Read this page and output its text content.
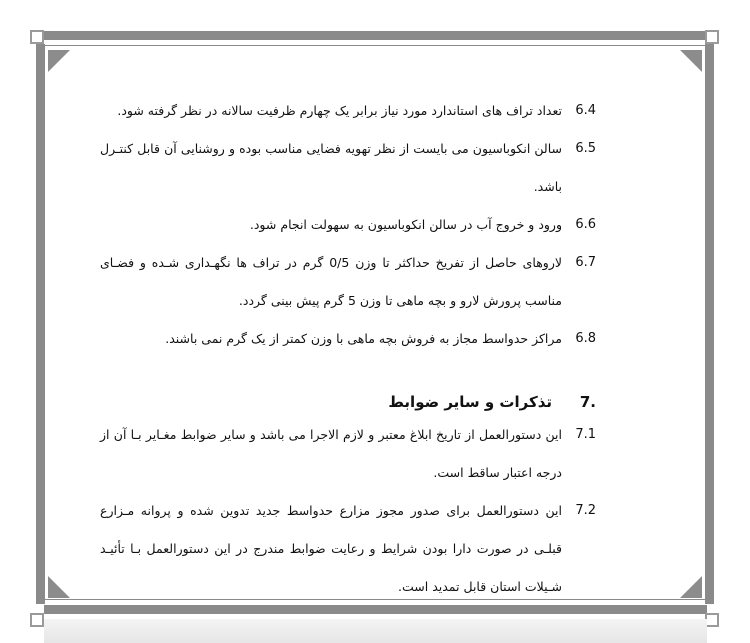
6.4
تعداد تراف های استاندارد مورد نیاز برابر یک چهارم ظرفیت سالانه در نظر گرفته شود.
6.5
سالن انکوباسیون می بایست از نظر تهویه فضایی مناسب بوده و روشنایی آن قابل کنتـرل باشد.
6.6
ورود و خروج آب در سالن انکوباسیون به سهولت انجام شود.
6.7
لاروهای حاصل از تفریخ حداکثر تا وزن 0/5 گرم در تراف ها نگهـداری شـده و فضـای مناسب پرورش لارو و بچه ماهی تا وزن 5 گرم پیش بینی گردد.
6.8
مراکز حدواسط مجاز به فروش بچه ماهی با وزن کمتر از یک گرم نمی باشند.
7.
تذکرات و سایر ضوابط
7.1
این دستورالعمل از تاریخ ابلاغ معتبر و لازم الاجرا می باشد و سایر ضوابط مغـایر بـا آن از درجه اعتبار ساقط است.
7.2
این دستورالعمل برای صدور مجوز مزارع حدواسط جدید تدوین شده و پروانه مـزارع قبلـی در صورت دارا بودن شرایط و رعایت ضوابط مندرج در این دستورالعمل بـا تأئیـد شـیلات استان قابل تمدید است.
